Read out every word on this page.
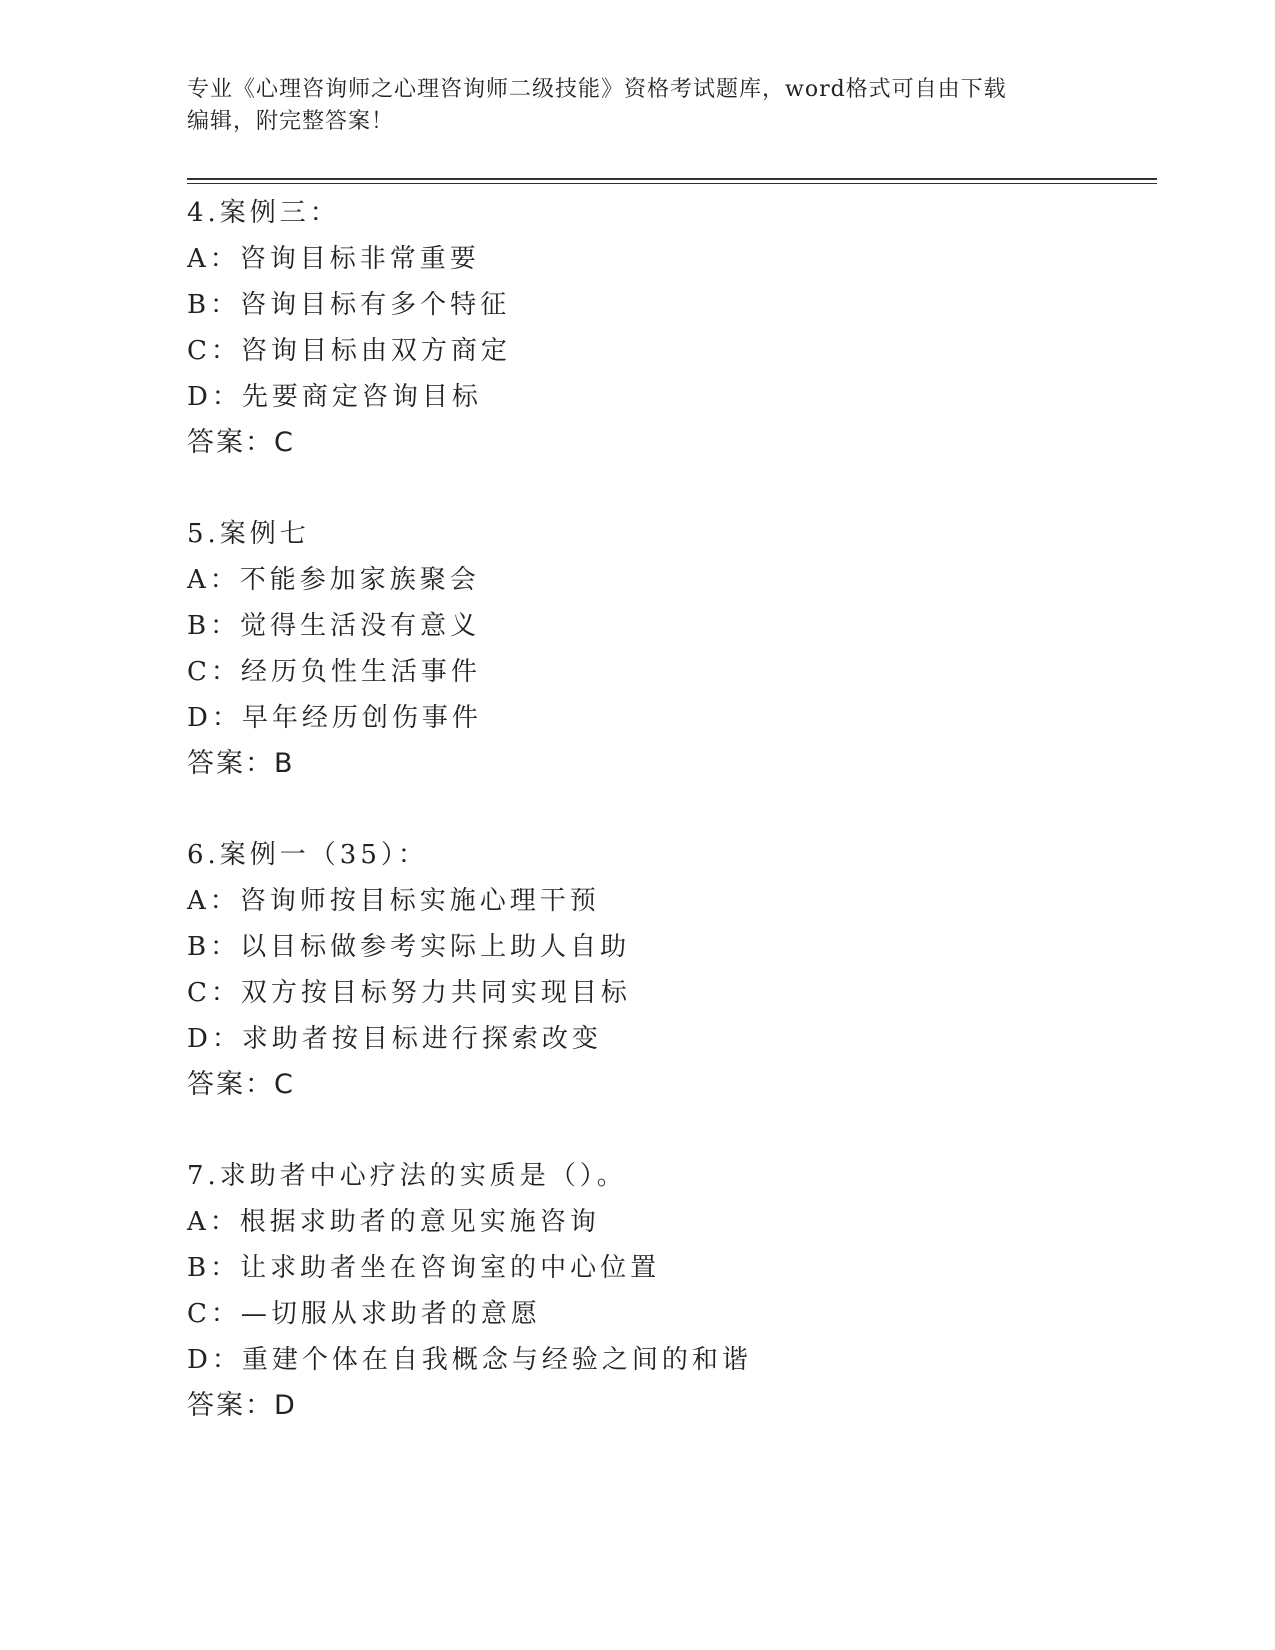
专业《心理咨询师之心理咨询师二级技能》资格考试题库，word格式可自由下载
编辑，附完整答案！
4.案例三：
A：咨询目标非常重要
B：咨询目标有多个特征
C：咨询目标由双方商定
D：先要商定咨询目标
答案：C
5.案例七
A：不能参加家族聚会
B：觉得生活没有意义
C：经历负性生活事件
D：早年经历创伤事件
答案：B
6.案例一（35）：
A：咨询师按目标实施心理干预
B：以目标做参考实际上助人自助
C：双方按目标努力共同实现目标
D：求助者按目标进行探索改变
答案：C
7.求助者中心疗法的实质是（）。
A：根据求助者的意见实施咨询
B：让求助者坐在咨询室的中心位置
C：—切服从求助者的意愿
D：重建个体在自我概念与经验之间的和谐
答案：D
